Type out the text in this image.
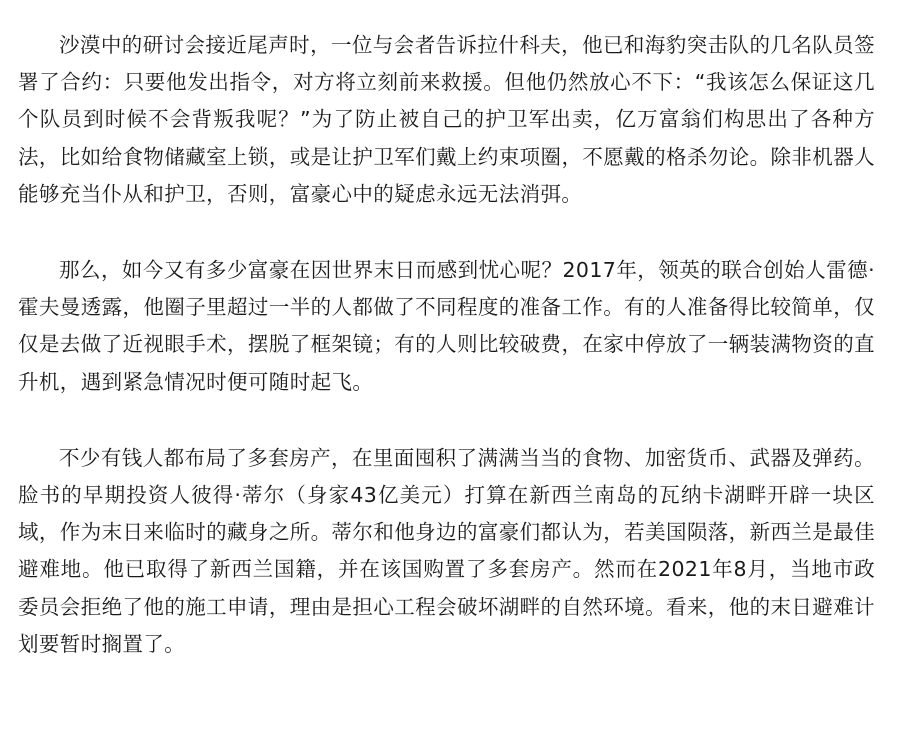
沙漠中的研讨会接近尾声时，一位与会者告诉拉什科夫，他已和海豹突击队的几名队员签署了合约：只要他发出指令，对方将立刻前来救援。但他仍然放心不下：“我该怎么保证这几个队员到时候不会背叛我呢？”为了防止被自己的护卫军出卖，亿万富翁们构思出了各种方法，比如给食物储藏室上锁，或是让护卫军们戴上约束项圈，不愿戴的格杀勿论。除非机器人能够充当仆从和护卫，否则，富豪心中的疑虑永远无法消弭。

那么，如今又有多少富豪在因世界末日而感到忧心呢？2017年，领英的联合创始人雷德·霍夫曼透露，他圈子里超过一半的人都做了不同程度的准备工作。有的人准备得比较简单，仅仅是去做了近视眼手术，摆脱了框架镜；有的人则比较破费，在家中停放了一辆装满物资的直升机，遇到紧急情况时便可随时起飞。

不少有钱人都布局了多套房产，在里面囤积了满满当当的食物、加密货币、武器及弹药。脸书的早期投资人彼得·蒂尔（身家43亿美元）打算在新西兰南岛的瓦纳卡湖畔开辟一块区域，作为末日来临时的藏身之所。蒂尔和他身边的富豪们都认为，若美国陨落，新西兰是最佳避难地。他已取得了新西兰国籍，并在该国购置了多套房产。然而在2021年8月，当地市政委员会拒绝了他的施工申请，理由是担心工程会破坏湖畔的自然环境。看来，他的末日避难计划要暂时搁置了。
